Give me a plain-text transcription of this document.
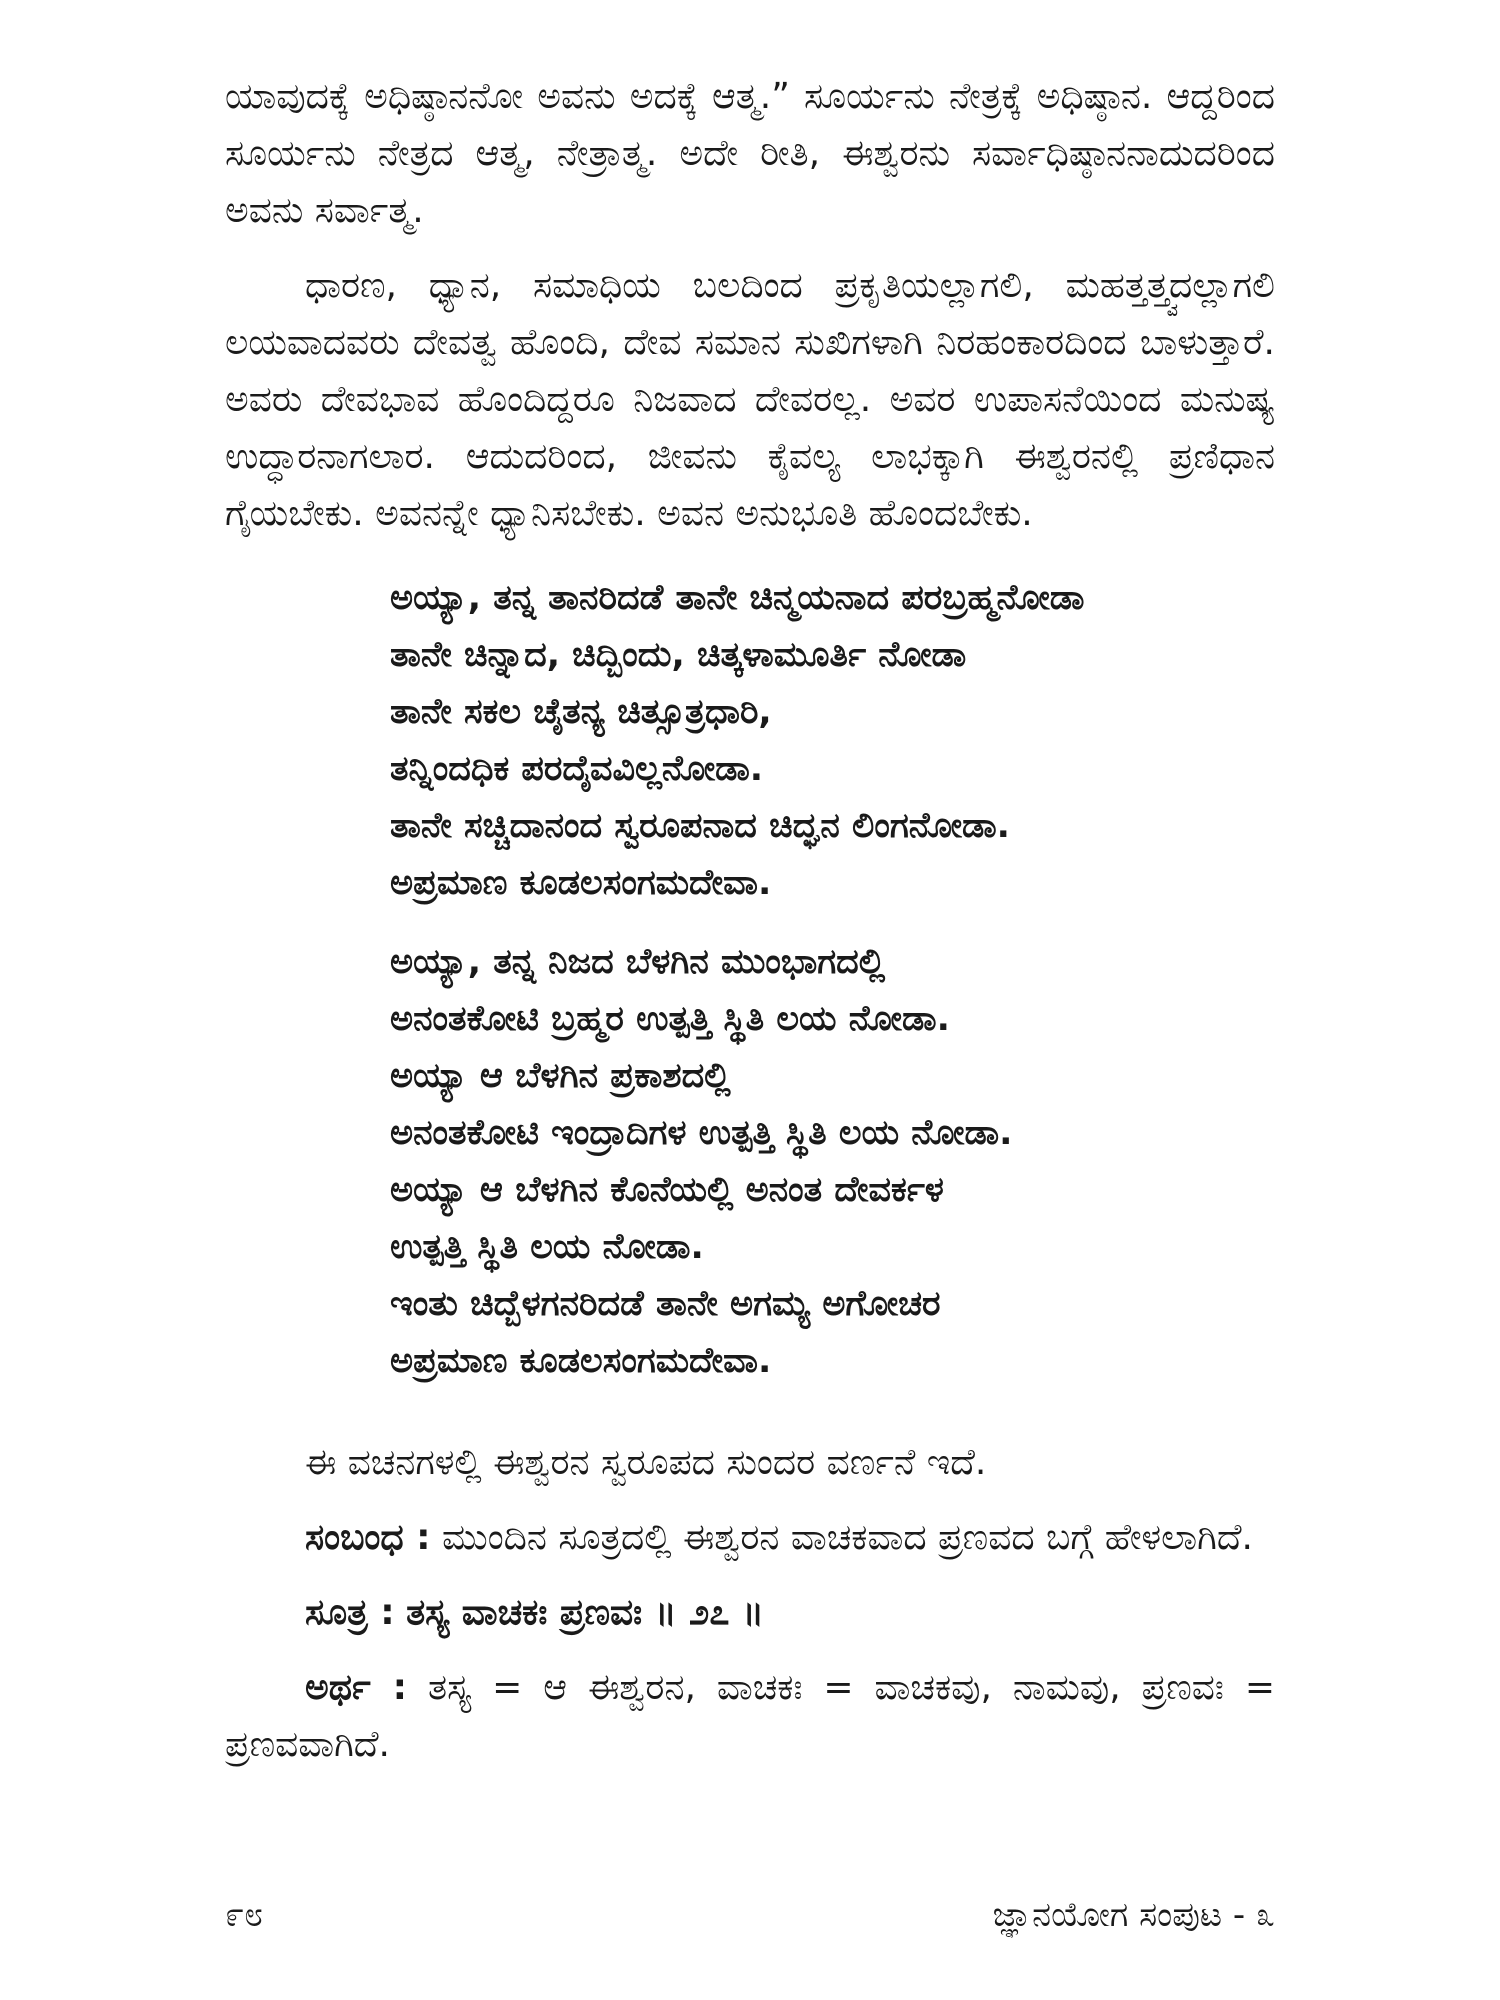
ಯಾವುದಕ್ಕೆ ಅಧಿಷ್ಠಾನನೋ ಅವನು ಅದಕ್ಕೆ ಆತ್ಮ.” ಸೂರ್ಯನು ನೇತ್ರಕ್ಕೆ ಅಧಿಷ್ಠಾನ. ಆದ್ದರಿಂದ ಸೂರ್ಯನು ನೇತ್ರದ ಆತ್ಮ, ನೇತ್ರಾತ್ಮ. ಅದೇ ರೀತಿ, ಈಶ್ವರನು ಸರ್ವಾಧಿಷ್ಠಾನನಾದುದರಿಂದ ಅವನು ಸರ್ವಾತ್ಮ.

ಧಾರಣ, ಧ್ಯಾನ, ಸಮಾಧಿಯ ಬಲದಿಂದ ಪ್ರಕೃತಿಯಲ್ಲಾಗಲಿ, ಮಹತ್ತತ್ತ್ವದಲ್ಲಾಗಲಿ ಲಯವಾದವರು ದೇವತ್ವ ಹೊಂದಿ, ದೇವ ಸಮಾನ ಸುಖಿಗಳಾಗಿ ನಿರಹಂಕಾರದಿಂದ ಬಾಳುತ್ತಾರೆ. ಅವರು ದೇವಭಾವ ಹೊಂದಿದ್ದರೂ ನಿಜವಾದ ದೇವರಲ್ಲ. ಅವರ ಉಪಾಸನೆಯಿಂದ ಮನುಷ್ಯ ಉದ್ಧಾರನಾಗಲಾರ. ಆದುದರಿಂದ, ಜೀವನು ಕೈವಲ್ಯ ಲಾಭಕ್ಕಾಗಿ ಈಶ್ವರನಲ್ಲಿ ಪ್ರಣಿಧಾನ ಗೈಯಬೇಕು. ಅವನನ್ನೇ ಧ್ಯಾನಿಸಬೇಕು. ಅವನ ಅನುಭೂತಿ ಹೊಂದಬೇಕು.

ಅಯ್ಯಾ, ತನ್ನ ತಾನರಿದಡೆ ತಾನೇ ಚಿನ್ಮಯನಾದ ಪರಬ್ರಹ್ಮನೋಡಾ
ತಾನೇ ಚಿನ್ನಾದ, ಚಿದ್ಬಿಂದು, ಚಿತ್ಕಳಾಮೂರ್ತಿ ನೋಡಾ
ತಾನೇ ಸಕಲ ಚೈತನ್ಯ ಚಿತ್ಸೂತ್ರಧಾರಿ,
ತನ್ನಿಂದಧಿಕ ಪರದೈವವಿಲ್ಲನೋಡಾ.
ತಾನೇ ಸಚ್ಚಿದಾನಂದ ಸ್ವರೂಪನಾದ ಚಿದ್ಘನ ಲಿಂಗನೋಡಾ.
ಅಪ್ರಮಾಣ ಕೂಡಲಸಂಗಮದೇವಾ.
ಅಯ್ಯಾ, ತನ್ನ ನಿಜದ ಬೆಳಗಿನ ಮುಂಭಾಗದಲ್ಲಿ
ಅನಂತಕೋಟಿ ಬ್ರಹ್ಮರ ಉತ್ಪತ್ತಿ ಸ್ಥಿತಿ ಲಯ ನೋಡಾ.
ಅಯ್ಯಾ ಆ ಬೆಳಗಿನ ಪ್ರಕಾಶದಲ್ಲಿ
ಅನಂತಕೋಟಿ ಇಂದ್ರಾದಿಗಳ ಉತ್ಪತ್ತಿ ಸ್ಥಿತಿ ಲಯ ನೋಡಾ.
ಅಯ್ಯಾ ಆ ಬೆಳಗಿನ ಕೊನೆಯಲ್ಲಿ ಅನಂತ ದೇವರ್ಕಳ
ಉತ್ಪತ್ತಿ ಸ್ಥಿತಿ ಲಯ ನೋಡಾ.
ಇಂತು ಚಿದ್ಬೆಳಗನರಿದಡೆ ತಾನೇ ಅಗಮ್ಯ ಅಗೋಚರ
ಅಪ್ರಮಾಣ ಕೂಡಲಸಂಗಮದೇವಾ.

ಈ ವಚನಗಳಲ್ಲಿ ಈಶ್ವರನ ಸ್ವರೂಪದ ಸುಂದರ ವರ್ಣನೆ ಇದೆ.

ಸಂಬಂಧ : ಮುಂದಿನ ಸೂತ್ರದಲ್ಲಿ ಈಶ್ವರನ ವಾಚಕವಾದ ಪ್ರಣವದ ಬಗ್ಗೆ ಹೇಳಲಾಗಿದೆ.

ಸೂತ್ರ : ತಸ್ಯ ವಾಚಕಃ ಪ್ರಣವಃ ॥ ೨೭ ॥

ಅರ್ಥ : ತಸ್ಯ = ಆ ಈಶ್ವರನ, ವಾಚಕಃ = ವಾಚಕವು, ನಾಮವು, ಪ್ರಣವಃ = ಪ್ರಣವವಾಗಿದೆ.

೯೮	ಜ್ಞಾನಯೋಗ ಸಂಪುಟ - ೩
